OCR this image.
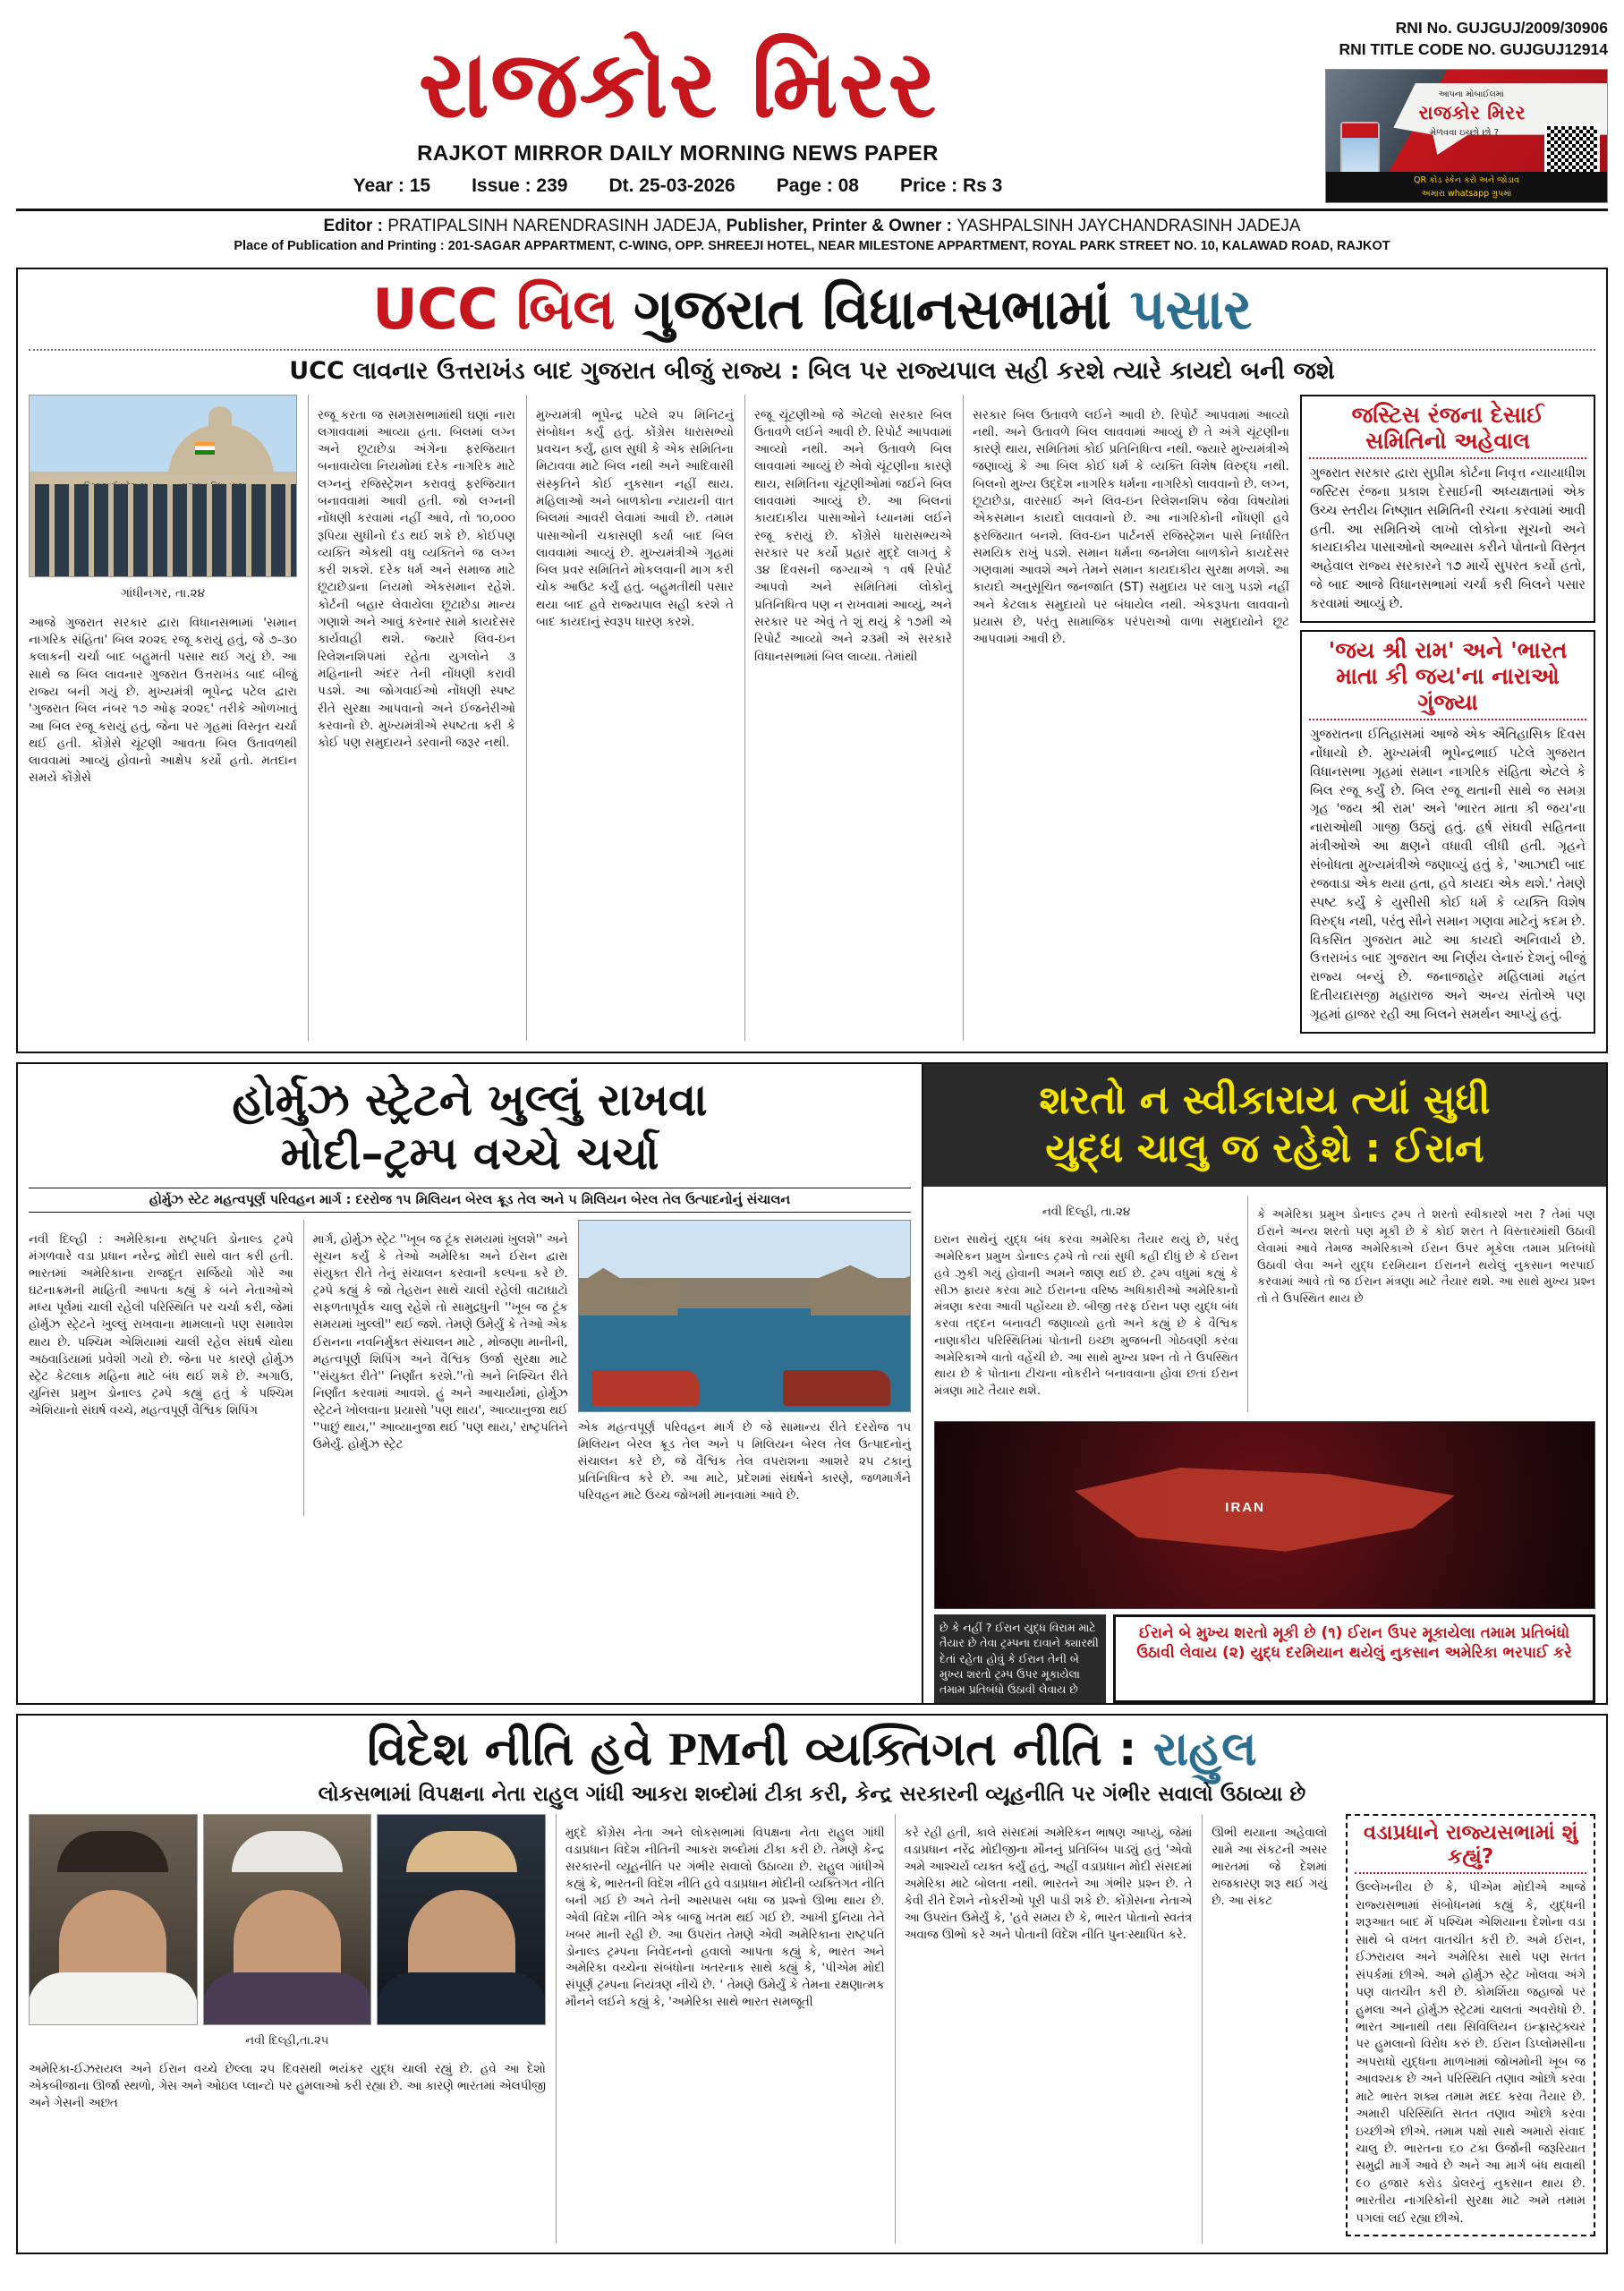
રાજકોર મિરર
RAJKOT MIRROR DAILY MORNING NEWS PAPER
Year : 15 Issue : 239 Dt. 25-03-2026 Page : 08 Price : Rs 3
RNI No. GUJGUJ/2009/30906
RNI TITLE CODE NO. GUJGUJ12914
આપના મોબાઈલમાં
રાજકોર મિરર
મેળવવા ઇચ્છો છો ?
QR કોડ સ્કેન કરો અને જોડાવ
અમારા whatsapp ગ્રુપમાં
Editor : PRATIPALSINH NARENDRASINH JADEJA, Publisher, Printer & Owner : YASHPALSINH JAYCHANDRASINH JADEJA
Place of Publication and Printing : 201-SAGAR APPARTMENT, C-WING, OPP. SHREEJI HOTEL, NEAR MILESTONE APPARTMENT, ROYAL PARK STREET NO. 10, KALAWAD ROAD, RAJKOT
UCC બિલ ગુજરાત વિધાનસભામાં પસાર
UCC લાવનાર ઉત્તરાખંડ બાદ ગુજરાત બીજું રાજ્ય : બિલ પર રાજ્યપાલ સહી કરશે ત્યારે કાયદો બની જશે
ગાંધીનગર, તા.૨૪

આજે ગુજરાત સરકાર દ્વારા વિધાનસભામાં 'સમાન નાગરિક સંહિતા' બિલ ૨૦૨૬ રજૂ કરાયું હતું, જે ૭-૩૦ કલાકની ચર્ચા બાદ બહુમતી પસાર થઈ ગયું છે. આ સાથે જ બિલ લાવનાર ગુજરાત ઉત્તરાખંડ બાદ બીજું રાજ્ય બની ગયું છે. મુખ્યમંત્રી ભૂપેન્દ્ર પટેલ દ્વારા 'ગુજરાત બિલ નંબર ૧૭ ઓફ ૨૦૨૬' તરીકે ઓળખાતું આ બિલ રજૂ કરાયું હતું, જેના પર ગૃહમાં વિસ્તૃત ચર્ચા થઈ હતી. કોંગ્રેસે ચૂંટણી આવતા બિલ ઉતાવળથી લાવવામાં આવ્યું હોવાનો આક્ષેપ કર્યો હતો. મતદાન સમયે કોંગ્રેસે

રજૂ કરતા જ સમગ્રસભામાંથી ઘણાં નારા લગાવવામાં આવ્યા હતા. બિલમાં લગ્ન અને છૂટાછેડા અંગેના ફરજિયાત બનાવાયેલા નિયમોમાં દરેક નાગરિક માટે લગ્નનું રજિસ્ટ્રેશન કરાવવું ફરજિયાત બનાવવામાં આવી હતી. જો લગ્નની નોંધણી કરવામાં નહીં આવે, તો ૧૦,૦૦૦ રૂપિયા સુધીનો દંડ થઈ શકે છે. કોઈપણ વ્યક્તિ એકથી વધુ વ્યક્તિને જ લગ્ન કરી શકશે. દરેક ધર્મ અને સમાજ માટે છૂટાછેડાના નિયમો એકસમાન રહેશે. કોર્ટની બહાર લેવાયેલા છૂટાછેડા માન્ય ગણાશે અને આવું કરનાર સામે કાયદેસર કાર્યવાહી થશે. જ્યારે લિવ-ઇન રિલેશનશિપમાં રહેતા યુગલોને ૩ મહિનાની અંદર તેની નોંધણી કરાવી પડશે. આ જોગવાઈઓ નોંધણી સ્પષ્ટ રીતે સુરક્ષા આપવાનો અને ઈજનેરીઓ કરવાનો છે. મુખ્યમંત્રીએ સ્પષ્ટતા કરી કે કોઈ પણ સમુદાયને ડરવાની જરૂર નથી.

મુખ્યમંત્રી ભૂપેન્દ્ર પટેલે ૨૫ મિનિટનું સંબોધન કર્યું હતું. કોંગ્રેસ ધારાસભ્યો પ્રવચન કર્યું, હાલ સુધી કે એક સમિતિના મિટાવવા માટે બિલ નથી અને આદિવાસી સંસ્કૃતિને કોઈ નુકસાન નહીં થાય. મહિલાઓ અને બાળકોના ન્યાયની વાત બિલમાં આવરી લેવામાં આવી છે. તમામ પાસાઓની ચકાસણી કર્યા બાદ બિલ લાવવામાં આવ્યું છે. મુખ્યમંત્રીએ ગૃહમાં બિલ પ્રવર સમિતિને મોકલવાની માગ કરી ચોક આઉટ કર્યું હતું. બહુમતીથી પસાર થયા બાદ હવે રાજ્યપાલ સહી કરશે તે બાદ કાયદાનું સ્વરૂપ ધારણ કરશે.

રજૂ ચૂંટણીઓ જે એટલો સરકાર બિલ ઉતાવળે લઈને આવી છે. રિપોર્ટ આપવામાં આવ્યો નથી. અને ઉતાવળે બિલ લાવવામાં આવ્યું છે એવો ચૂંટણીના કારણે થાય, સમિતિના ચૂંટણીઓમાં જઈને બિલ લાવવામાં આવ્યું છે. આ બિલનાં કાયદાકીય પાસાઓને ધ્યાનમાં લઈને રજૂ કરાયું છે. કોંગ્રેસે ધારાસભ્યએ સરકાર પર કર્યો પ્રહાર મુદ્દે લાગતું કે ૩૪ દિવસની જગ્યાએ ૧ વર્ષ રિપોર્ટ આપવો અને સમિતિમાં લોકોનું પ્રતિનિધિત્વ પણ ન રાખવામાં આવ્યું, અને સરકાર પર એવું તે શું થયું કે ૧૭મી એ રિપોર્ટ આવ્યો અને ૨૩મી એ સરકારે વિધાનસભામાં બિલ લાવ્યા. તેમાંથી

સરકાર બિલ ઉતાવળે લઈને આવી છે. રિપોર્ટ આપવામાં આવ્યો નથી. અને ઉતાવળે બિલ લાવવામાં આવ્યું છે તે અંગે ચૂંટણીના કારણે થાય, સમિતિમાં કોઈ પ્રતિનિધિત્વ નથી. જ્યારે મુખ્યમંત્રીએ જણાવ્યું કે આ બિલ કોઈ ધર્મ કે વ્યક્તિ વિશેષ વિરુદ્ધ નથી. બિલનો મુખ્ય ઉદ્દેશ નાગરિક ધર્મના નાગરિકો લાવવાનો છે. લગ્ન, છૂટાછેડા, વારસાઈ અને લિવ-ઇન રિલેશનશિપ જેવા વિષયોમાં એકસમાન કાયદો લાવવાનો છે. આ નાગરિકોની નોંધણી હવે ફરજિયાત બનશે. લિવ-ઇન પાર્ટનર્સ રજિસ્ટ્રેશન પાસે નિર્ધારિત સમયિક રાખું પડશે. સમાન ધર્મના જનમેલા બાળકોને કાયદેસર ગણવામાં આવશે અને તેમને સમાન કાયદાકીય સુરક્ષા મળશે. આ કાયદો અનુસૂચિત જનજાતિ (ST) સમુદાય પર લાગુ પડશે નહીં અને કેટલાક સમુદાયો પર બંધાયેલ નથી. એકરૂપતા લાવવાનો પ્રયાસ છે, પરંતુ સામાજિક પરંપરાઓ વાળા સમુદાયોને છૂટ આપવામાં આવી છે.

જસ્ટિસ રંજના દેસાઈ સમિતિનો અહેવાલ

ગુજરાત સરકાર દ્વારા સુપ્રીમ કોર્ટના નિવૃત્ત ન્યાયાધીશ જસ્ટિસ રંજના પ્રકાશ દેસાઈની અધ્યક્ષતામાં એક ઉચ્ચ સ્તરીય નિષ્ણાત સમિતિની રચના કરવામાં આવી હતી. આ સમિતિએ લાખો લોકોના સૂચનો અને કાયદાકીય પાસાઓનો અભ્યાસ કરીને પોતાનો વિસ્તૃત અહેવાલ રાજ્ય સરકારને ૧૭ માર્ચે સુપરત કર્યો હતો, જે બાદ આજે વિધાનસભામાં ચર્ચા કરી બિલને પસાર કરવામાં આવ્યું છે.

'જય શ્રી રામ' અને 'ભારત માતા કી જય'ના નારાઓ ગુંજ્યા

ગુજરાતના ઈતિહાસમાં આજે એક ઐતિહાસિક દિવસ નોંધાયો છે. મુખ્યમંત્રી ભૂપેન્દ્રભાઈ પટેલે ગુજરાત વિધાનસભા ગૃહમાં સમાન નાગરિક સંહિતા એટલે કે બિલ રજૂ કર્યું છે. બિલ રજૂ થતાની સાથે જ સમગ્ર ગૃહ 'જય શ્રી રામ' અને 'ભારત માતા કી જય'ના નારાઓથી ગાજી ઉઠ્યું હતું. હર્ષ સંઘવી સહિતના મંત્રીઓએ આ ક્ષણને વધાવી લીધી હતી. ગૃહને સંબોધતા મુખ્યમંત્રીએ જણાવ્યું હતું કે, 'આઝાદી બાદ રજવાડા એક થયા હતા, હવે કાયદા એક થશે.' તેમણે સ્પષ્ટ કર્યું કે યુસીસી કોઈ ધર્મ કે વ્યક્તિ વિશેષ વિરુદ્ધ નથી, પરંતુ સૌને સમાન ગણવા માટેનું કદમ છે. વિકસિત ગુજરાત માટે આ કાયદો અનિવાર્ય છે. ઉત્તરાખંડ બાદ ગુજરાત આ નિર્ણય લેનારું દેશનું બીજું રાજ્ય બન્યું છે. જનાજાહેર મહિલામાં મહંત દિતીયદાસજી મહારાજ અને અન્ય સંતોએ પણ ગૃહમાં હાજર રહી આ બિલને સમર્થન આપ્યું હતું.

હોર્મુઝ સ્ટ્રેટને ખુલ્લું રાખવા
મોદી–ટ્રમ્પ વચ્ચે ચર્ચા
હોર્મુઝ સ્ટેટ મહત્વપૂર્ણ પરિવહન માર્ગ : દરરોજ ૧૫ મિલિયન બેરલ ક્રૂડ તેલ અને ૫ મિલિયન બેરલ તેલ ઉત્પાદનોનું સંચાલન

નવી દિલ્હી : અમેરિકાના રાષ્ટ્રપતિ ડોનાલ્ડ ટ્રમ્પે મંગળવારે વડા પ્રધાન નરેન્દ્ર મોદી સાથે વાત કરી હતી. ભારતમાં અમેરિકાના રાજદૂત સર્જિયો ગોરે આ ઘટનાક્રમની માહિતી આપતા કહ્યું કે બંને નેતાઓએ મધ્ય પૂર્વમાં ચાલી રહેલી પરિસ્થિતિ પર ચર્ચા કરી, જેમાં હોર્મુઝ સ્ટ્રેટને ખુલ્લું રાખવાના મામલાનો પણ સમાવેશ થાય છે. પશ્ચિમ એશિયામાં ચાલી રહેલ સંઘર્ષ ચોથા અઠવાડિયામાં પ્રવેશી ગયો છે. જેના પર કારણે હોર્મુઝ સ્ટ્રેટ કેટલાક મહિના માટે બંધ થઈ શકે છે. અગાઉ, યુનિસ પ્રમુખ ડોનાલ્ડ ટ્રમ્પે કહ્યું હતું કે પશ્ચિમ એશિયાનો સંઘર્ષ વચ્ચે, મહત્વપૂર્ણ વૈશ્વિક શિપિંગ

માર્ગ, હોર્મુઝ સ્ટ્રેટ ''ખૂબ જ ટૂંક સમયમાં ખુલશે'' અને સૂચન કર્યું કે તેઓ અમેરિકા અને ઈરાન દ્વારા સંયુક્ત રીતે તેનું સંચાલન કરવાની કલ્પના કરે છે. ટ્રમ્પે કહ્યું કે જો તેહરાન સાથે ચાલી રહેલી વાટાઘાટો સફળતાપૂર્વક ચાલુ રહેશે તો સામુદ્રધુની ''ખૂબ જ ટૂંક સમયમાં ખુલ્લી'' થઈ જશે. તેમણે ઉમેર્યું કે તેઓ એક ઈરાનના નવનિર્મુક્ત સંચાલન માટે , મોજણા માનીની, મહત્વપૂર્ણ શિપિંગ અને વૈશ્વિક ઉર્જા સુરક્ષા માટે ''સંયુક્ત રીતે'' નિર્ણાંત કરશે.''તો અને નિશ્ચિત રીતે નિર્ણાંત કરવામાં આવશે. હું અને આચાર્યમાં, હોર્મુઝ સ્ટ્રેટને ખોલવાના પ્રયાસો 'પણ થાય', આવ્યાનુજા થઈ ''પાછું થાય,'' આવ્યાનુજા થઈ 'પણ થાય,' રાષ્ટ્રપતિને ઉમેર્યું. હોર્મુઝ સ્ટ્રેટ

એક મહત્વપૂર્ણ પરિવહન માર્ગ છે જે સામાન્ય રીતે દરરોજ ૧૫ મિલિયન બેરલ ક્રૂડ તેલ અને ૫ મિલિયન બેરલ તેલ ઉત્પાદનોનું સંચાલન કરે છે, જે વૈશ્વિક તેલ વપરાશના આશરે ૨૫ ટકાનું પ્રતિનિધિત્વ કરે છે. આ માટે, પ્રદેશમાં સંઘર્ષને કારણે, જળમાર્ગને પરિવહન માટે ઉચ્ચ જોખમી માનવામાં આવે છે.

શરતો ન સ્વીકારાય ત્યાં સુધી
યુદ્ધ ચાલુ જ રહેશે : ઈરાન
નવી દિલ્હી, તા.૨૪

ઇરાન સાથેનું યુદ્ધ બંધ કરવા અમેરિકા તૈયાર થયું છે, પરંતુ અમેરિકન પ્રમુખ ડોનાલ્ડ ટ્રમ્પે તો ત્યાં સુધી કહી દીધું છે કે ઈરાન હવે ઝુકી ગયું હોવાની અમને જાણ થઈ છે. ટ્રમ્પ વધુમાં કહ્યું કે સીઝ ફાયર કરવા માટે ઈરાનના વરિષ્ઠ અધિકારીઓ અમેરિકાનો મંત્રણા કરવા આવી પહોંચ્યા છે. બીજી તરફ ઈરાન પણ યુદ્ધ બંધ કરવા તદ્દન બનાવટી જણાવ્યો હતો અને કહ્યું છે કે વૈશ્વિક નાણાકીય પરિસ્થિતિમાં પોતાની ઇચ્છા મુજબની ગોઠવણી કરવા અમેરિકાએ વાતો વહેંચી છે. આ સાથે મુખ્ય પ્રશ્ન તો તે ઉપસ્થિત થાય છે કે પોતાના ટીચના નોકરીને બનાવવાના હોવા છતાં ઈરાન મંત્રણા માટે તૈયાર થશે.

કે અમેરિકા પ્રમુખ ડોનાલ્ડ ટ્રમ્પ તે શરતો સ્વીકારશે ખરા ? તેમાં પણ ઈરાને અન્ય શરતો પણ મૂકી છે કે કોઈ શરત તે વિસ્તારમાંથી ઉઠાવી લેવામાં આવે તેમજ અમેરિકાએ ઈરાન ઉપર મૂકેલા તમામ પ્રતિબંધો ઉઠાવી લેવા અને યુદ્ધ દરમિયાન ઈરાનને થયેલું નુકસાન ભરપાઈ કરવામાં આવે તો જ ઈરાન મંત્રણા માટે તૈયાર થશે. આ સાથે મુખ્ય પ્રશ્ન તો તે ઉપસ્થિત થાય છે

IRAN
છે કે નહીં ? ઈરાન યુદ્ધ વિરામ માટે તૈયાર છે તેવા ટ્રમ્પના દાવાને ક્યારથી દેતાં રહેતા હોવું કે ઈરાન તેની બે મુખ્ય શરતો ટ્રમ્પ ઉપર મૂકાયેલા તમામ પ્રતિબંધો ઉઠાવી લેવાય છે
ઈરાને બે મુખ્ય શરતો મૂકી છે (૧) ઈરાન ઉપર મૂકાયેલા તમામ પ્રતિબંધો ઉઠાવી લેવાય (૨) યુદ્ધ દરમિયાન થયેલું નુકસાન અમેરિકા ભરપાઈ કરે
વિદેશ નીતિ હવે PMની વ્યક્તિગત નીતિ : રાહુલ
લોકસભામાં વિપક્ષના નેતા રાહુલ ગાંધી આકરા શબ્દોમાં ટીકા કરી, કેન્દ્ર સરકારની વ્યૂહનીતિ પર ગંભીર સવાલો ઉઠાવ્યા છે
નવી દિલ્હી,તા.૨૫

અમેરિકા-ઈઝરાયલ અને ઈરાન વચ્ચે છેલ્લા ૨૫ દિવસથી ભયંકર યુદ્ધ ચાલી રહ્યું છે. હવે આ દેશો એકબીજાના ઊર્જા સ્થળો, ગેસ અને ઓઇલ પ્લાન્ટો પર હુમલાઓ કરી રહ્યા છે. આ કારણે ભારતમાં એલપીજી અને ગેસની અછત

મુદ્દે કોંગ્રેસ નેતા અને લોકસભામાં વિપક્ષના નેતા રાહુલ ગાંધી વડાપ્રધાન વિદેશ નીતિની આકરા શબ્દોમાં ટીકા કરી છે. તેમણે કેન્દ્ર સરકારની વ્યૂહનીતિ પર ગંભીર સવાલો ઉઠાવ્યા છે. રાહુલ ગાંધીએ કહ્યું કે, ભારતની વિદેશ નીતિ હવે વડાપ્રધાન મોદીની વ્યક્તિગત નીતિ બની ગઈ છે અને તેની આસપાસ બધા જ પ્રશ્નો ઊભા થાય છે. એવી વિદેશ નીતિ એક બાજુ ખતમ થઈ ગઈ છે. આખી દુનિયા તેને ખબર માની રહી છે. આ ઉપરાંત તેમણે એવી અમેરિકાના રાષ્ટ્રપતિ ડોનાલ્ડ ટ્રમ્પના નિવેદનનો હવાલો આપતા કહ્યું કે, ભારત અને અમેરિકા વચ્ચેના સંબંધોના ખતરનાક સાથે કહ્યું કે, 'પીએમ મોદી સંપૂર્ણ ટ્રમ્પના નિયંત્રણ નીચે છે. ' તેમણે ઉમેર્યું કે તેમના રક્ષણાત્મક મૌનને લઈને કહ્યું કે, 'અમેરિકા સાથે ભારત સમજૂતી

કરે રહી હતી, કાલે સંસદમાં અમેરિકન ભાષણ આપ્યું, જેમાં વડાપ્રધાન નરેંદ્ર મોદીજીના મૌનનું પ્રતિબિંબ પાડ્યું હતું 'એવો અમે આશ્ચર્ય વ્યક્ત કર્યું હતું, અહીં વડાપ્રધાન મોદી સંસદમાં અમેરિકા માટે બોલતા નથી. ભારતને આ ગંભીર પ્રશ્ન છે. તે કેવી રીતે દેશને નોકરીઓ પૂરી પાડી શકે છે. કોંગ્રેસના નેતાએ આ ઉપરાંત ઉમેર્યું કે, 'હવે સમય છે કે, ભારત પોતાનો સ્વતંત્ર અવાજ ઊભો કરે અને પોતાની વિદેશ નીતિ પુનઃસ્થાપિત કરે.

ઊભી થયાના અહેવાલો સામે આ સંકટની અસર ભારતમાં જે દેશમાં રાજકારણ શરૂ થઈ ગયું છે. આ સંકટ

વડાપ્રધાને રાજ્યસભામાં શું કહ્યું?

ઉલ્લેખનીય છે કે, પીએમ મોદીએ આજે રાજ્યસભામાં સંબોધનમાં કહ્યું કે, યુદ્ધની શરૂઆત બાદ મેં પશ્ચિમ એશિયાના દેશોના વડા સાથે બે વખત વાતચીત કરી છે. અમે ઈરાન, ઈઝરાયલ અને અમેરિકા સાથે પણ સતત સંપર્કમાં છીએ. અમે હોર્મુઝ સ્ટ્રેટ ખોલવા અંગે પણ વાતચીત કરી છે. કોમર્શિયા જહાજો પર હુમલા અને હોર્મુઝ સ્ટ્રેટમાં ચાલતાં અવરોધો છે. ભારત આનાથી તથા સિવિલિયન ઇન્ફ્રાસ્ટ્રક્ચર પર હુમલાનો વિરોધ કરું છે. ઈરાન ડિપ્લોમસીના અપરાધો યુદ્ધના માળખામાં જોખમોની ખૂબ જ આવશ્યક છે અને પરિસ્થિતિ તણાવ ઓછો કરવા માટે ભારત શક્ય તમામ મદદ કરવા તૈયાર છે. અમારી પરિસ્થિતિ સતત તણાવ ઓછો કરવા ઇચ્છીએ છીએ. તમામ પક્ષો સાથે અમારો સંવાદ ચાલુ છે. ભારતના ૬૦ ટકા ઉર્જાની જરૂરિયાત સમુદ્રી માર્ગે આવે છે અને આ માર્ગ બંધ થવાથી ૯૦ હજાર કરોડ ડોલરનું નુકસાન થાય છે. ભારતીય નાગરિકોની સુરક્ષા માટે અમે તમામ પગલાં લઈ રહ્યા છીએ.
